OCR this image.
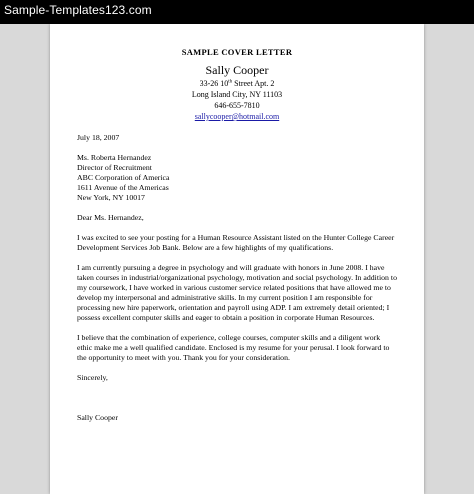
Sample-Templates123.com
SAMPLE COVER LETTER
Sally Cooper
33-26 10th Street Apt. 2
Long Island City, NY 11103
646-655-7810
sallycooper@hotmail.com

July 18, 2007

Ms. Roberta Hernandez
Director of Recruitment
ABC Corporation of America
1611 Avenue of the Americas
New York, NY 10017

Dear Ms. Hernandez,

I was excited to see your posting for a Human Resource Assistant listed on the Hunter College Career Development Services Job Bank. Below are a few highlights of my qualifications.

I am currently pursuing a degree in psychology and will graduate with honors in June 2008. I have taken courses in industrial/organizational psychology, motivation and social psychology. In addition to my coursework, I have worked in various customer service related positions that have allowed me to develop my interpersonal and administrative skills. In my current position I am responsible for processing new hire paperwork, orientation and payroll using ADP. I am extremely detail oriented; I possess excellent computer skills and eager to obtain a position in corporate Human Resources.

I believe that the combination of experience, college courses, computer skills and a diligent work ethic make me a well qualified candidate. Enclosed is my resume for your perusal. I look forward to the opportunity to meet with you. Thank you for your consideration.

Sincerely,

Sally Cooper
